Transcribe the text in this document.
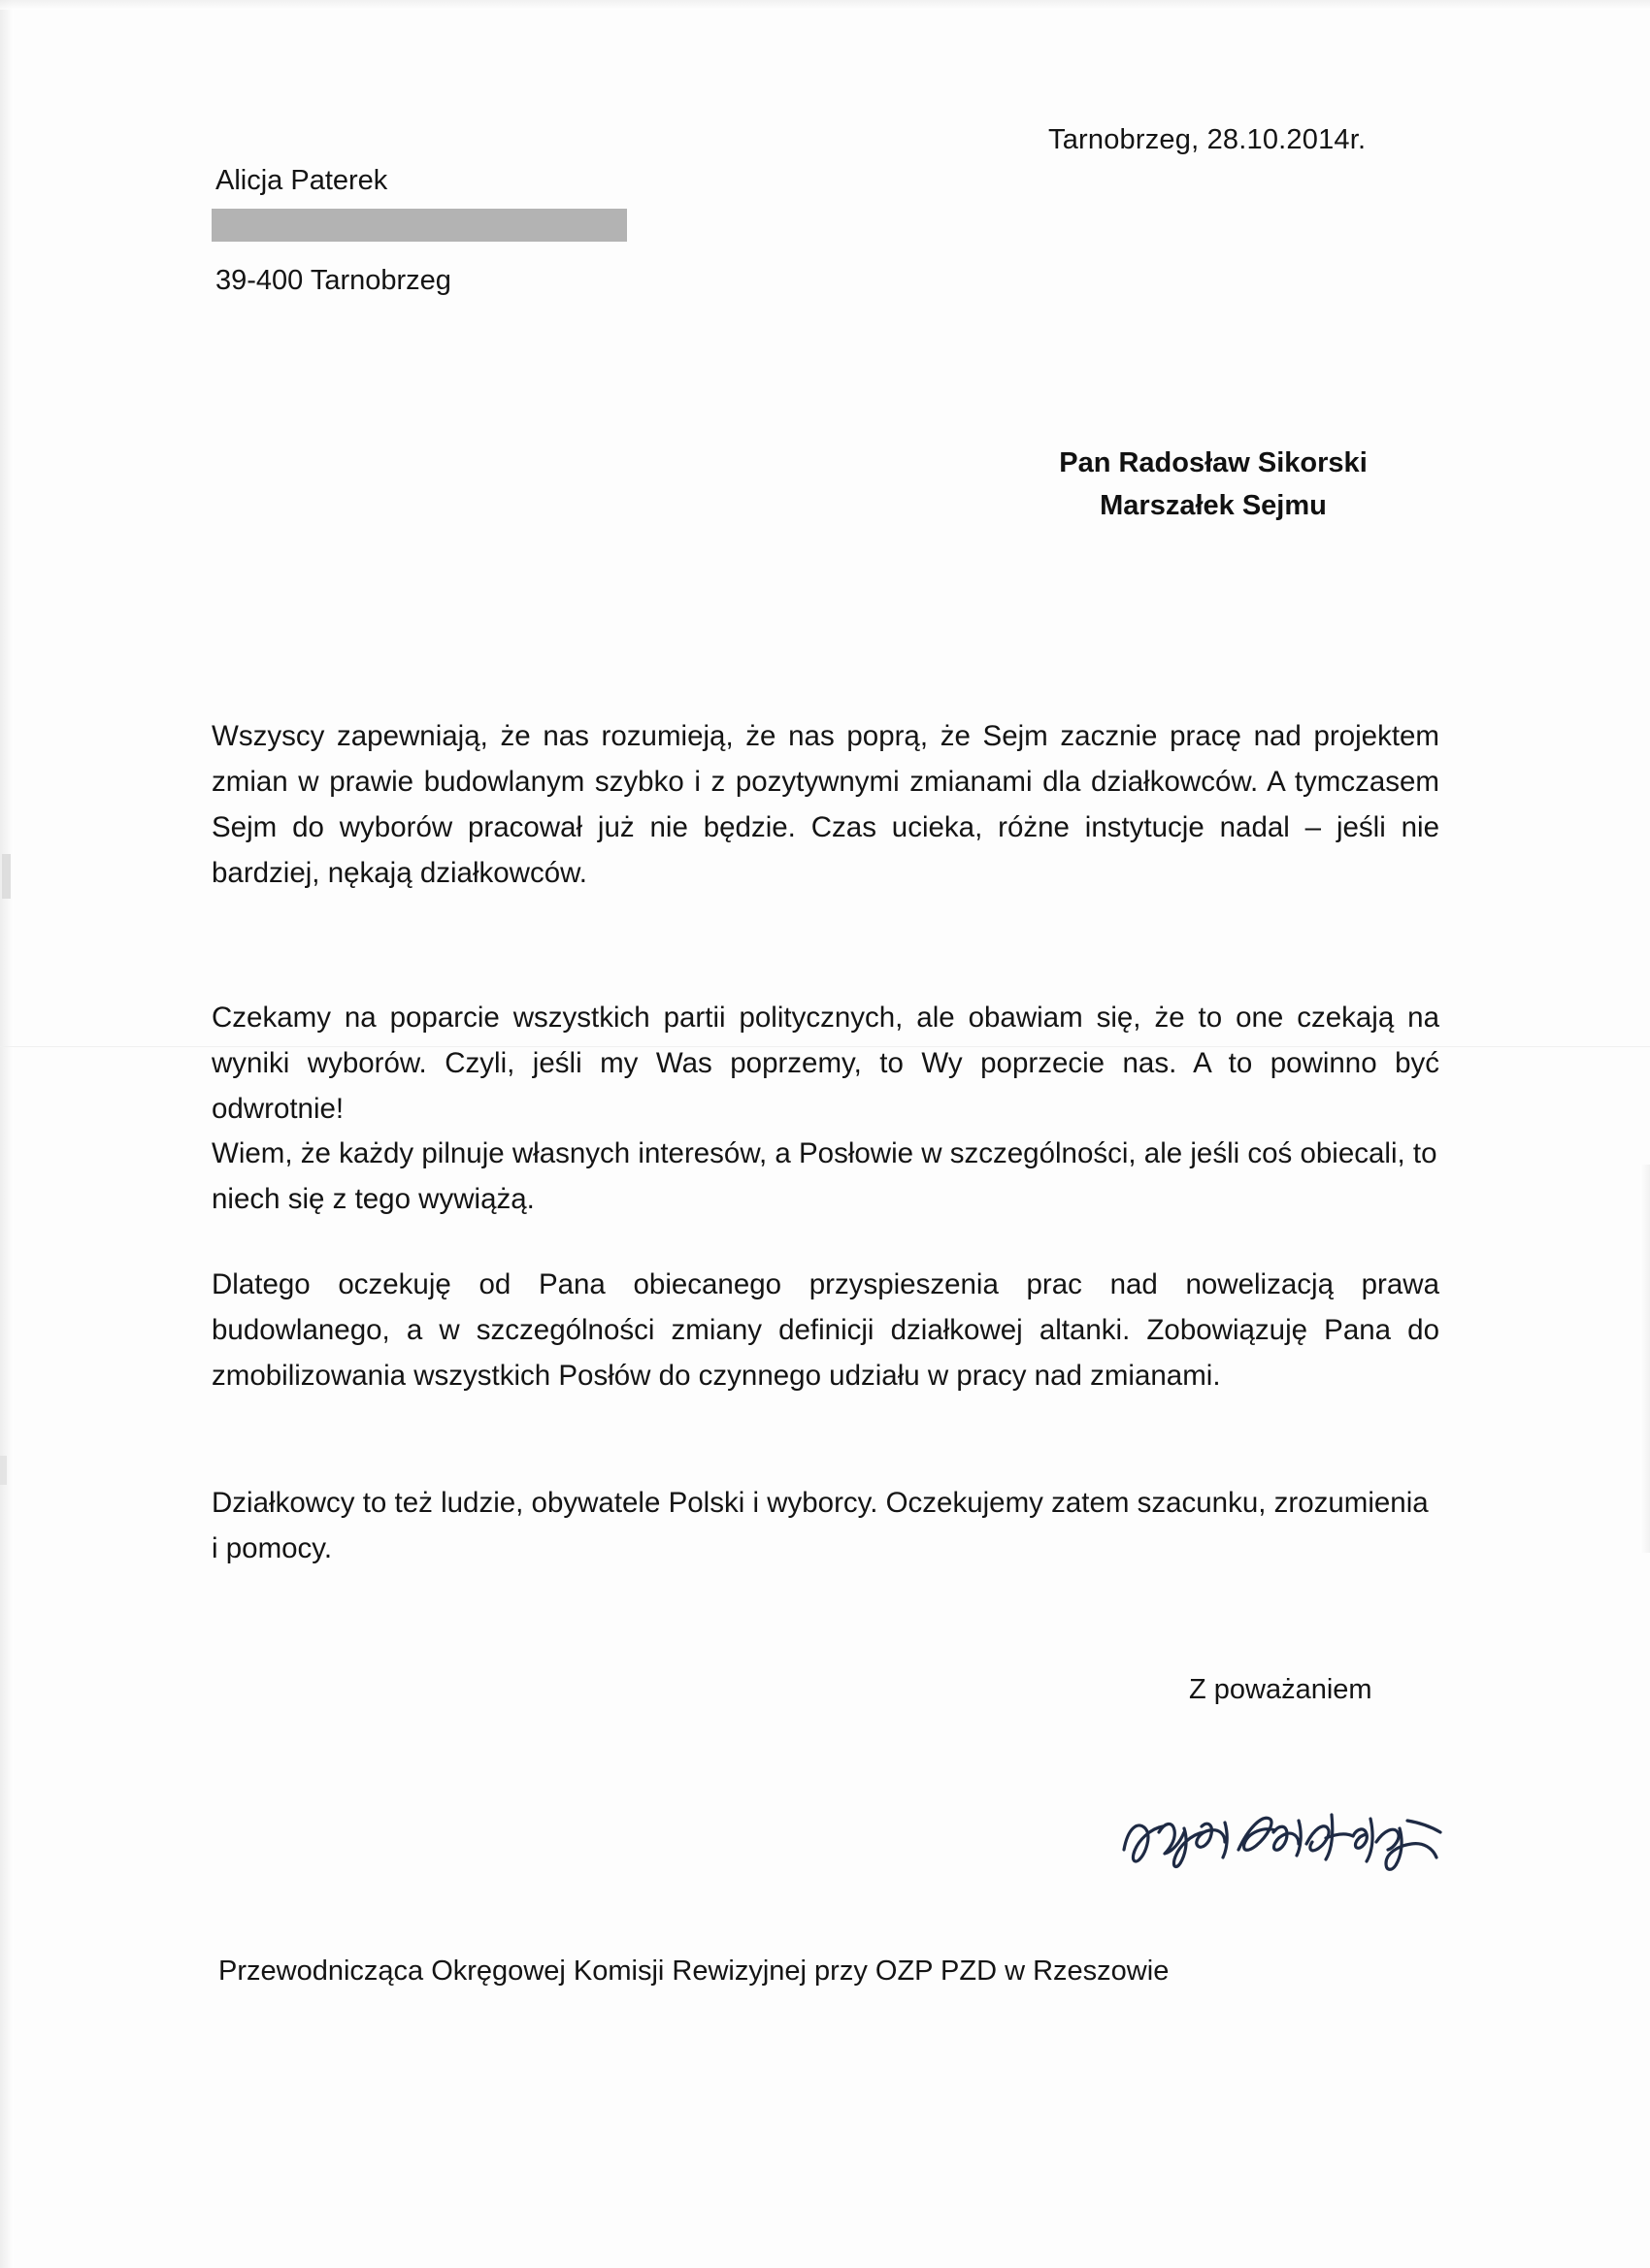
Tarnobrzeg, 28.10.2014r.
Alicja Paterek
39-400 Tarnobrzeg
Pan Radosław Sikorski
Marszałek Sejmu
Wszyscy zapewniają, że nas rozumieją, że nas poprą, że Sejm zacznie pracę nad projektem zmian w prawie budowlanym szybko i z pozytywnymi zmianami dla działkowców. A tymczasem Sejm do wyborów pracował już nie będzie. Czas ucieka, różne instytucje nadal – jeśli nie bardziej, nękają działkowców.
Czekamy na poparcie wszystkich partii politycznych, ale obawiam się, że to one czekają na wyniki wyborów. Czyli, jeśli my Was poprzemy, to Wy poprzecie nas. A to powinno być odwrotnie!
Wiem, że każdy pilnuje własnych interesów, a Posłowie w szczególności, ale jeśli coś obiecali, to niech się z tego wywiążą.
Dlatego oczekuję od Pana obiecanego przyspieszenia prac nad nowelizacją prawa budowlanego, a w szczególności zmiany definicji działkowej altanki. Zobowiązuję Pana do zmobilizowania wszystkich Posłów do czynnego udziału w pracy nad zmianami.
Działkowcy to też ludzie, obywatele Polski i wyborcy. Oczekujemy zatem szacunku, zrozumienia i pomocy.
Z poważaniem
Przewodnicząca Okręgowej Komisji Rewizyjnej przy OZP PZD w Rzeszowie
